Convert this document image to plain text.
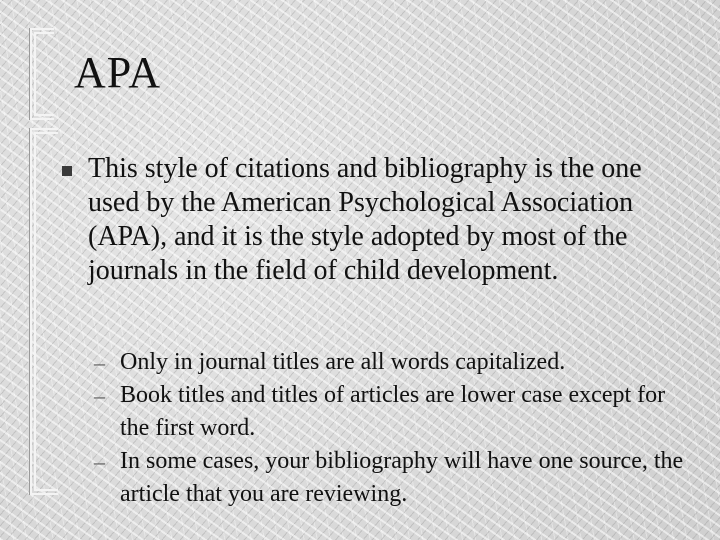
APA
This style of citations and bibliography is the one used by the American Psychological Association (APA), and it is the style adopted by most of the journals in the field of child development.
– Only in journal titles are all words capitalized.
– Book titles and titles of articles are lower case except for the first word.
– In some cases, your bibliography will have one source, the article that you are reviewing.
